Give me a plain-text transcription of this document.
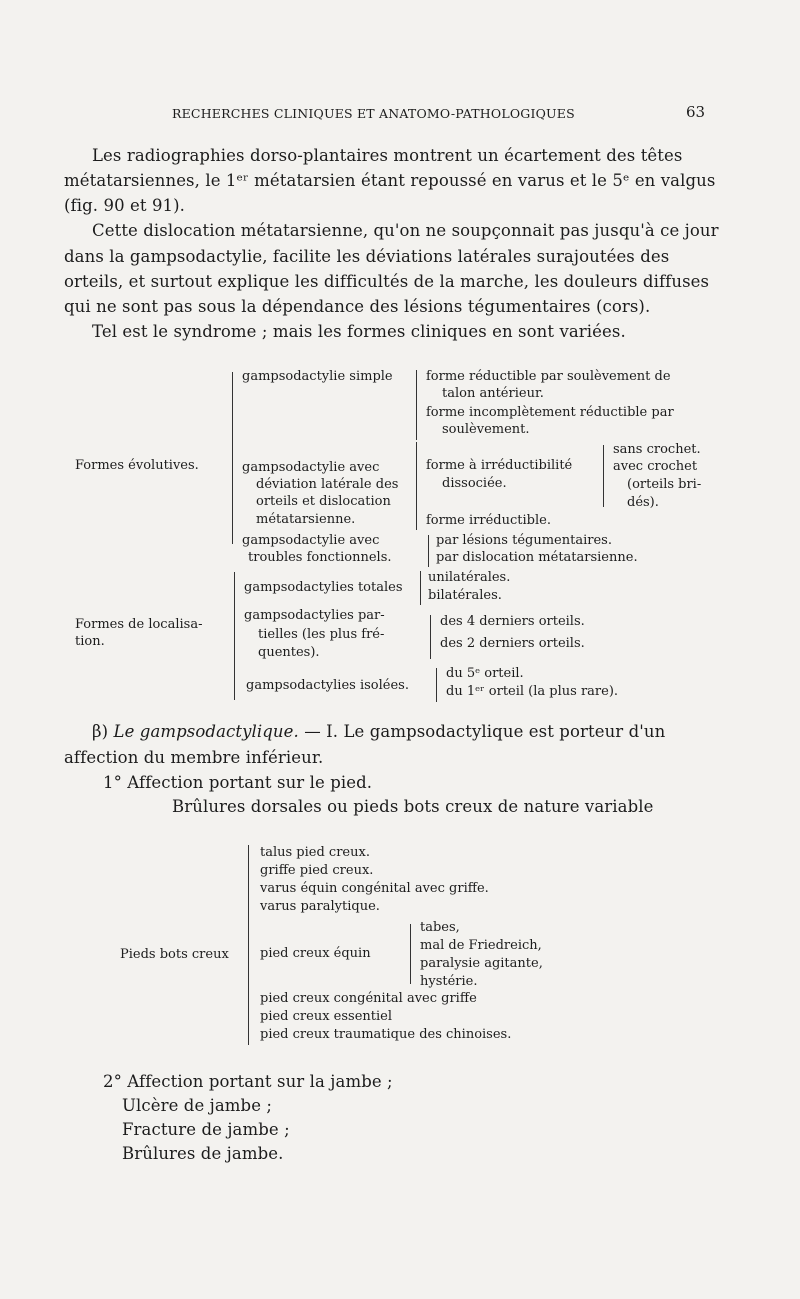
RECHERCHES CLINIQUES ET ANATOMO-PATHOLOGIQUES	63
Les radiographies dorso-plantaires montrent un écartement des têtes
métatarsiennes, le 1ᵉʳ métatarsien étant repoussé en varus et le 5ᵉ en valgus
(fig. 90 et 91).
Cette dislocation métatarsienne, qu'on ne soupçonnait pas jusqu'à ce jour
dans la gampsodactylie, facilite les déviations latérales surajoutées des
orteils, et surtout explique les difficultés de la marche, les douleurs diffuses
qui ne sont pas sous la dépendance des lésions tégumentaires (cors).
Tel est le syndrome ; mais les formes cliniques en sont variées.
Formes évolutives.
gampsodactylie simple	forme réductible par soulèvement de
talon antérieur.
forme incomplètement réductible par
soulèvement.
gampsodactylie avec
déviation latérale des
orteils et dislocation
métatarsienne.
forme à irréductibilité
dissociée.
sans crochet.
avec crochet
(orteils bri-
dés).
forme irréductible.
gampsodactylie avec
troubles fonctionnels.
par lésions tégumentaires.
par dislocation métatarsienne.
Formes de localisa-
tion.
gampsodactylies totales
unilatérales.
bilatérales.
gampsodactylies par-
tielles (les plus fré-
quentes).
des 4 derniers orteils.
des 2 derniers orteils.
gampsodactylies isolées.
du 5ᵉ orteil.
du 1ᵉʳ orteil (la plus rare).
β) Le gampsodactylique. — I. Le gampsodactylique est porteur d'un
affection du membre inférieur.
1° Affection portant sur le pied.
Brûlures dorsales ou pieds bots creux de nature variable
Pieds bots creux
talus pied creux.
griffe pied creux.
varus équin congénital avec griffe.
varus paralytique.
pied creux équin
tabes,
mal de Friedreich,
paralysie agitante,
hystérie.
pied creux congénital avec griffe
pied creux essentiel
pied creux traumatique des chinoises.
2° Affection portant sur la jambe ;
Ulcère de jambe ;
Fracture de jambe ;
Brûlures de jambe.
